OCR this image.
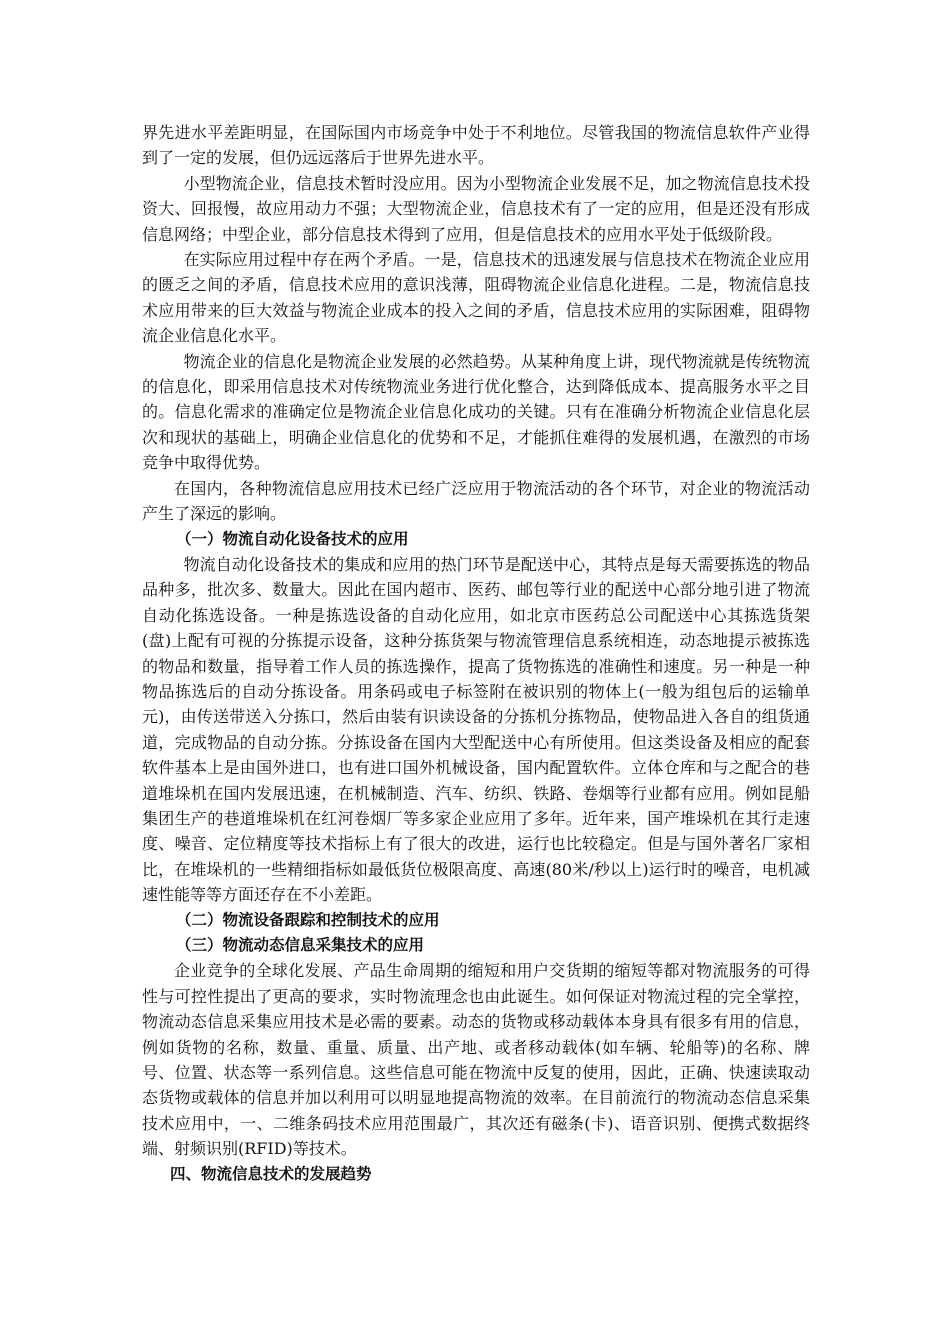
界先进水平差距明显，在国际国内市场竞争中处于不利地位。尽管我国的物流信息软件产业得到了一定的发展，但仍远远落后于世界先进水平。

小型物流企业，信息技术暂时没应用。因为小型物流企业发展不足，加之物流信息技术投资大、回报慢，故应用动力不强；大型物流企业，信息技术有了一定的应用，但是还没有形成信息网络；中型企业，部分信息技术得到了应用，但是信息技术的应用水平处于低级阶段。

在实际应用过程中存在两个矛盾。一是，信息技术的迅速发展与信息技术在物流企业应用的匮乏之间的矛盾，信息技术应用的意识浅薄，阻碍物流企业信息化进程。二是，物流信息技术应用带来的巨大效益与物流企业成本的投入之间的矛盾，信息技术应用的实际困难，阻碍物流企业信息化水平。

物流企业的信息化是物流企业发展的必然趋势。从某种角度上讲，现代物流就是传统物流的信息化，即采用信息技术对传统物流业务进行优化整合，达到降低成本、提高服务水平之目的。信息化需求的准确定位是物流企业信息化成功的关键。只有在准确分析物流企业信息化层次和现状的基础上，明确企业信息化的优势和不足，才能抓住难得的发展机遇，在激烈的市场竞争中取得优势。

在国内，各种物流信息应用技术已经广泛应用于物流活动的各个环节，对企业的物流活动产生了深远的影响。

（一）物流自动化设备技术的应用

物流自动化设备技术的集成和应用的热门环节是配送中心，其特点是每天需要拣选的物品品种多，批次多、数量大。因此在国内超市、医药、邮包等行业的配送中心部分地引进了物流自动化拣选设备。一种是拣选设备的自动化应用，如北京市医药总公司配送中心其拣选货架(盘)上配有可视的分拣提示设备，这种分拣货架与物流管理信息系统相连，动态地提示被拣选的物品和数量，指导着工作人员的拣选操作，提高了货物拣选的准确性和速度。另一种是一种物品拣选后的自动分拣设备。用条码或电子标签附在被识别的物体上(一般为组包后的运输单元)，由传送带送入分拣口，然后由装有识读设备的分拣机分拣物品，使物品进入各自的组货通道，完成物品的自动分拣。分拣设备在国内大型配送中心有所使用。但这类设备及相应的配套软件基本上是由国外进口，也有进口国外机械设备，国内配置软件。立体仓库和与之配合的巷道堆垛机在国内发展迅速，在机械制造、汽车、纺织、铁路、卷烟等行业都有应用。例如昆船集团生产的巷道堆垛机在红河卷烟厂等多家企业应用了多年。近年来，国产堆垛机在其行走速度、噪音、定位精度等技术指标上有了很大的改进，运行也比较稳定。但是与国外著名厂家相比，在堆垛机的一些精细指标如最低货位极限高度、高速(80米/秒以上)运行时的噪音，电机减速性能等等方面还存在不小差距。

（二）物流设备跟踪和控制技术的应用

（三）物流动态信息采集技术的应用

企业竞争的全球化发展、产品生命周期的缩短和用户交货期的缩短等都对物流服务的可得性与可控性提出了更高的要求，实时物流理念也由此诞生。如何保证对物流过程的完全掌控，物流动态信息采集应用技术是必需的要素。动态的货物或移动载体本身具有很多有用的信息，例如货物的名称，数量、重量、质量、出产地、或者移动载体(如车辆、轮船等)的名称、牌号、位置、状态等一系列信息。这些信息可能在物流中反复的使用，因此，正确、快速读取动态货物或载体的信息并加以利用可以明显地提高物流的效率。在目前流行的物流动态信息采集技术应用中，一、二维条码技术应用范围最广，其次还有磁条(卡)、语音识别、便携式数据终端、射频识别(RFID)等技术。

四、物流信息技术的发展趋势
